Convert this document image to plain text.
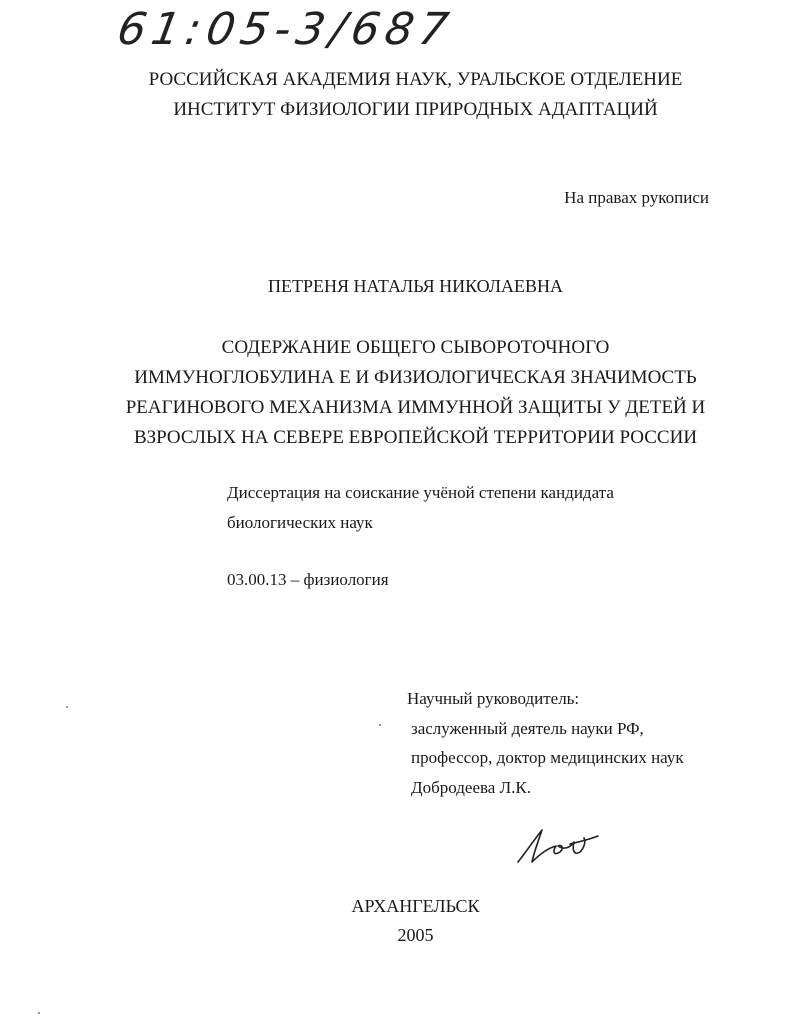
61:05-3/687
РОССИЙСКАЯ АКАДЕМИЯ НАУК, УРАЛЬСКОЕ ОТДЕЛЕНИЕ
ИНСТИТУТ ФИЗИОЛОГИИ ПРИРОДНЫХ АДАПТАЦИЙ
На правах рукописи
ПЕТРЕНЯ НАТАЛЬЯ НИКОЛАЕВНА
СОДЕРЖАНИЕ ОБЩЕГО СЫВОРОТОЧНОГО
ИММУНОГЛОБУЛИНА Е И ФИЗИОЛОГИЧЕСКАЯ ЗНАЧИМОСТЬ
РЕАГИНОВОГО МЕХАНИЗМА ИММУННОЙ ЗАЩИТЫ У ДЕТЕЙ И
ВЗРОСЛЫХ НА СЕВЕРЕ ЕВРОПЕЙСКОЙ ТЕРРИТОРИИ РОССИИ
Диссертация на соискание учёной степени кандидата
биологических наук
03.00.13 – физиология
Научный руководитель:
заслуженный деятель науки РФ,
профессор, доктор медицинских наук
Добродеева Л.К.
АРХАНГЕЛЬСК
2005
